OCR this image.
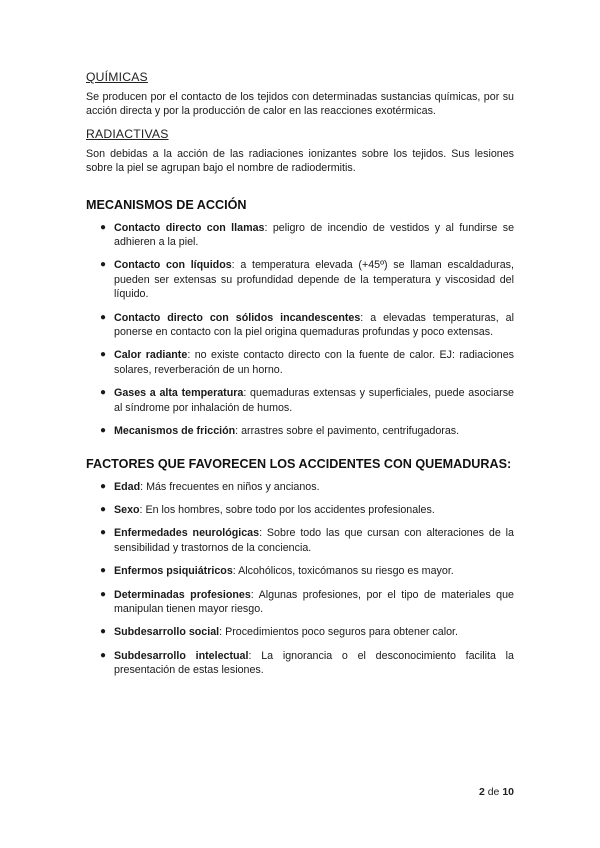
QUÍMICAS

Se producen por el contacto de los tejidos con determinadas sustancias químicas, por su acción directa y por la producción de calor en las reacciones exotérmicas.

RADIACTIVAS

Son debidas a la acción de las radiaciones ionizantes sobre los tejidos. Sus lesiones sobre la piel se agrupan bajo el nombre de radiodermitis.

MECANISMOS DE ACCIÓN
● Contacto directo con llamas: peligro de incendio de vestidos y al fundirse se adhieren a la piel.
● Contacto con líquidos: a temperatura elevada (+45º) se llaman escaldaduras, pueden ser extensas su profundidad depende de la temperatura y viscosidad del líquido.
● Contacto directo con sólidos incandescentes: a elevadas temperaturas, al ponerse en contacto con la piel origina quemaduras profundas y poco extensas.
● Calor radiante: no existe contacto directo con la fuente de calor. EJ: radiaciones solares, reverberación de un horno.
● Gases a alta temperatura: quemaduras extensas y superficiales, puede asociarse al síndrome por inhalación de humos.
● Mecanismos de fricción: arrastres sobre el pavimento, centrifugadoras.
FACTORES QUE FAVORECEN LOS ACCIDENTES CON QUEMADURAS:
● Edad: Más frecuentes en niños y ancianos.
● Sexo: En los hombres, sobre todo por los accidentes profesionales.
● Enfermedades neurológicas: Sobre todo las que cursan con alteraciones de la sensibilidad y trastornos de la conciencia.
● Enfermos psiquiátricos: Alcohólicos, toxicómanos su riesgo es mayor.
● Determinadas profesiones: Algunas profesiones, por el tipo de materiales que manipulan tienen mayor riesgo.
● Subdesarrollo social: Procedimientos poco seguros para obtener calor.
● Subdesarrollo intelectual: La ignorancia o el desconocimiento facilita la presentación de estas lesiones.
2 de 10
